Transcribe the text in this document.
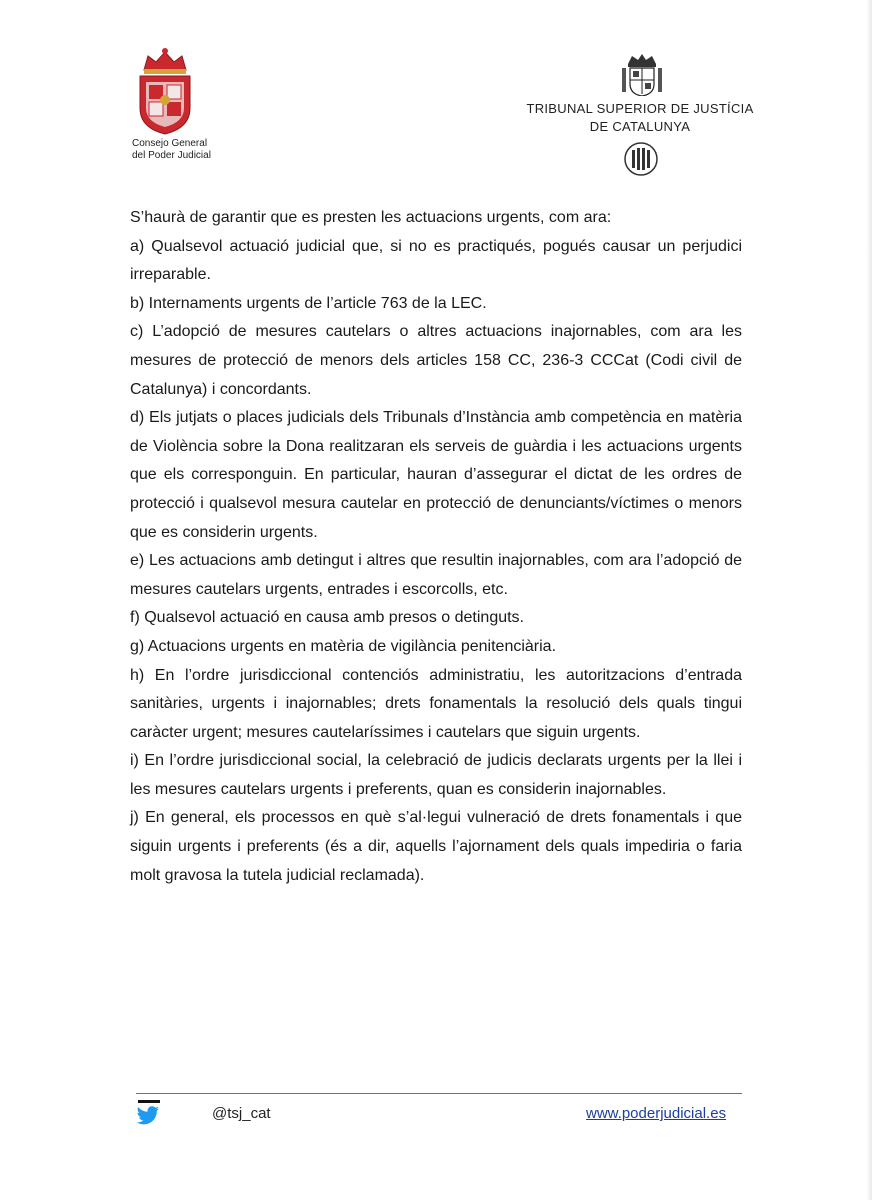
Consejo General
del Poder Judicial
TRIBUNAL SUPERIOR DE JUSTÍCIA
DE CATALUNYA

S’haurà de garantir que es presten les actuacions urgents, com ara:

a) Qualsevol actuació judicial que, si no es practiqués, pogués causar un perjudici irreparable.

b) Internaments urgents de l’article 763 de la LEC.

c) L’adopció de mesures cautelars o altres actuacions inajornables, com ara les mesures de protecció de menors dels articles 158 CC, 236-3 CCCat (Codi civil de Catalunya) i concordants.

d) Els jutjats o places judicials dels Tribunals d’Instància amb competència en matèria de Violència sobre la Dona realitzaran els serveis de guàrdia i les actuacions urgents que els corresponguin. En particular, hauran d’assegurar el dictat de les ordres de protecció i qualsevol mesura cautelar en protecció de denunciants/víctimes o menors que es considerin urgents.

e) Les actuacions amb detingut i altres que resultin inajornables, com ara l’adopció de mesures cautelars urgents, entrades i escorcolls, etc.

f) Qualsevol actuació en causa amb presos o detinguts.

g) Actuacions urgents en matèria de vigilància penitenciària.

h) En l’ordre jurisdiccional contenciós administratiu, les autoritzacions d’entrada sanitàries, urgents i inajornables; drets fonamentals la resolució dels quals tingui caràcter urgent; mesures cautelaríssimes i cautelars que siguin urgents.

i) En l’ordre jurisdiccional social, la celebració de judicis declarats urgents per la llei i les mesures cautelars urgents i preferents, quan es considerin inajornables.

j) En general, els processos en què s’al·legui vulneració de drets fonamentals i que siguin urgents i preferents (és a dir, aquells l’ajornament dels quals impediria o faria molt gravosa la tutela judicial reclamada).

@tsj_cat	www.poderjudicial.es
